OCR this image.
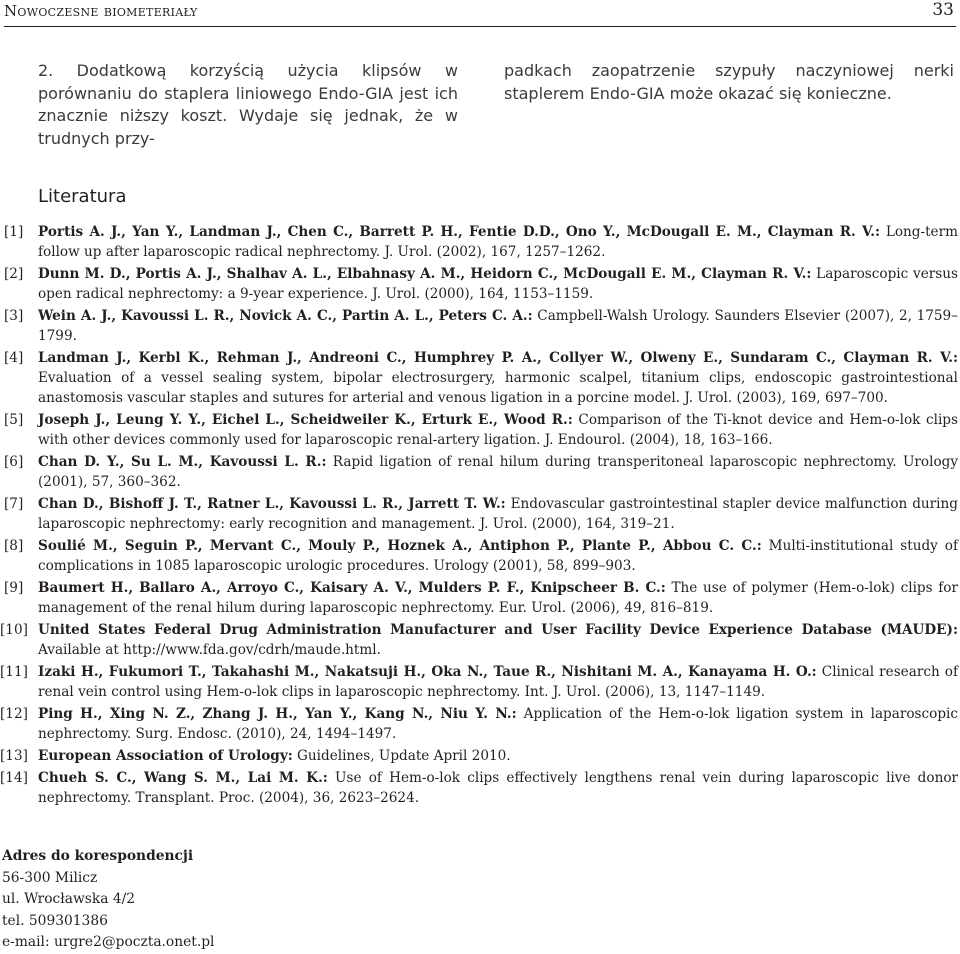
Nowoczesne biometeriały	33
2. Dodatkową korzyścią użycia klipsów w porównaniu do staplera liniowego Endo-GIA jest ich znacznie niższy koszt. Wydaje się jednak, że w trudnych przy-
padkach zaopatrzenie szypuły naczyniowej nerki staplerem Endo-GIA może okazać się konieczne.
Literatura
[1] Portis A. J., Yan Y., Landman J., Chen C., Barrett P. H., Fentie D.D., Ono Y., McDougall E. M., Clayman R. V.: Long-term follow up after laparoscopic radical nephrectomy. J. Urol. (2002), 167, 1257–1262.
[2] Dunn M. D., Portis A. J., Shalhav A. L., Elbahnasy A. M., Heidorn C., McDougall E. M., Clayman R. V.: Laparoscopic versus open radical nephrectomy: a 9-year experience. J. Urol. (2000), 164, 1153–1159.
[3] Wein A. J., Kavoussi L. R., Novick A. C., Partin A. L., Peters C. A.: Campbell-Walsh Urology. Saunders Elsevier (2007), 2, 1759–1799.
[4] Landman J., Kerbl K., Rehman J., Andreoni C., Humphrey P. A., Collyer W., Olweny E., Sundaram C., Clayman R. V.: Evaluation of a vessel sealing system, bipolar electrosurgery, harmonic scalpel, titanium clips, endoscopic gastrointestional anastomosis vascular staples and sutures for arterial and venous ligation in a porcine model. J. Urol. (2003), 169, 697–700.
[5] Joseph J., Leung Y. Y., Eichel L., Scheidweiler K., Erturk E., Wood R.: Comparison of the Ti-knot device and Hem-o-lok clips with other devices commonly used for laparoscopic renal-artery ligation. J. Endourol. (2004), 18, 163–166.
[6] Chan D. Y., Su L. M., Kavoussi L. R.: Rapid ligation of renal hilum during transperitoneal laparoscopic nephrectomy. Urology (2001), 57, 360–362.
[7] Chan D., Bishoff J. T., Ratner L., Kavoussi L. R., Jarrett T. W.: Endovascular gastrointestinal stapler device malfunction during laparoscopic nephrectomy: early recognition and management. J. Urol. (2000), 164, 319–21.
[8] Soulié M., Seguin P., Mervant C., Mouly P., Hoznek A., Antiphon P., Plante P., Abbou C. C.: Multi-institutional study of complications in 1085 laparoscopic urologic procedures. Urology (2001), 58, 899–903.
[9] Baumert H., Ballaro A., Arroyo C., Kaisary A. V., Mulders P. F., Knipscheer B. C.: The use of polymer (Hem-o-lok) clips for management of the renal hilum during laparoscopic nephrectomy. Eur. Urol. (2006), 49, 816–819.
[10] United States Federal Drug Administration Manufacturer and User Facility Device Experience Database (MAUDE): Available at http://www.fda.gov/cdrh/maude.html.
[11] Izaki H., Fukumori T., Takahashi M., Nakatsuji H., Oka N., Taue R., Nishitani M. A., Kanayama H. O.: Clinical research of renal vein control using Hem-o-lok clips in laparoscopic nephrectomy. Int. J. Urol. (2006), 13, 1147–1149.
[12] Ping H., Xing N. Z., Zhang J. H., Yan Y., Kang N., Niu Y. N.: Application of the Hem-o-lok ligation system in laparoscopic nephrectomy. Surg. Endosc. (2010), 24, 1494–1497.
[13] European Association of Urology: Guidelines, Update April 2010.
[14] Chueh S. C., Wang S. M., Lai M. K.: Use of Hem-o-lok clips effectively lengthens renal vein during laparoscopic live donor nephrectomy. Transplant. Proc. (2004), 36, 2623–2624.
Adres do korespondencji
56-300 Milicz
ul. Wrocławska 4/2
tel. 509301386
e-mail: urgre2@poczta.onet.pl
